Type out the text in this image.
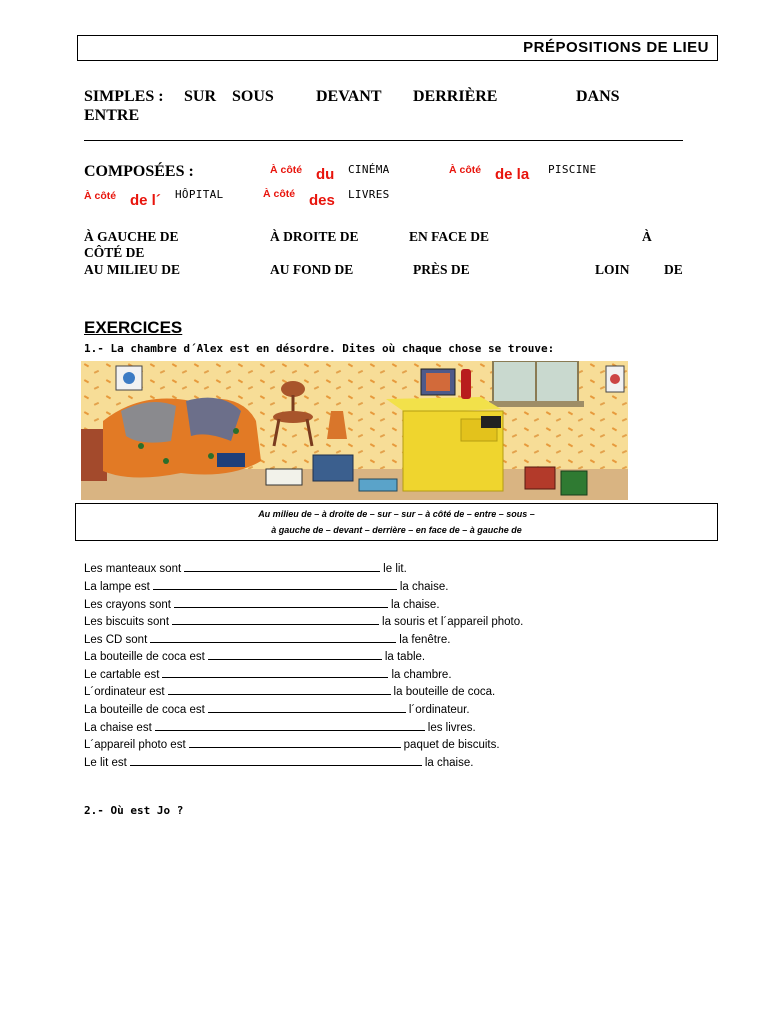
PRÉPOSITIONS DE LIEU
SIMPLES : SUR SOUS	DEVANT DERRIÈRE	DANS
ENTRE
COMPOSÉES :	À côté du CINÉMA	À côté de la PISCINE
À côté de l´ HÔPITAL	À côté des LIVRES
À GAUCHE DE	À DROITE DE	EN FACE DE	À
CÔTÉ DE
AU MILIEU DE	AU FOND DE	PRÈS DE	LOIN	DE
EXERCICES
1.- La chambre d´Alex est en désordre. Dites où chaque chose se trouve:
Au milieu de – à droite de – sur – sur – à côté de – entre – sous –
à gauche de – devant – derrière – en face de – à gauche de
Les manteaux sont	le lit.
La lampe est	la chaise.
Les crayons sont	la chaise.
Les biscuits sont	la souris et l´appareil photo.
Les CD sont	la fenêtre.
La bouteille de coca est	la table.
Le cartable est	la chambre.
L´ordinateur est	la bouteille de coca.
La bouteille de coca est	l´ordinateur.
La chaise est	les livres.
L´appareil photo est	paquet de biscuits.
Le lit est	la chaise.
2.- Où est Jo ?
